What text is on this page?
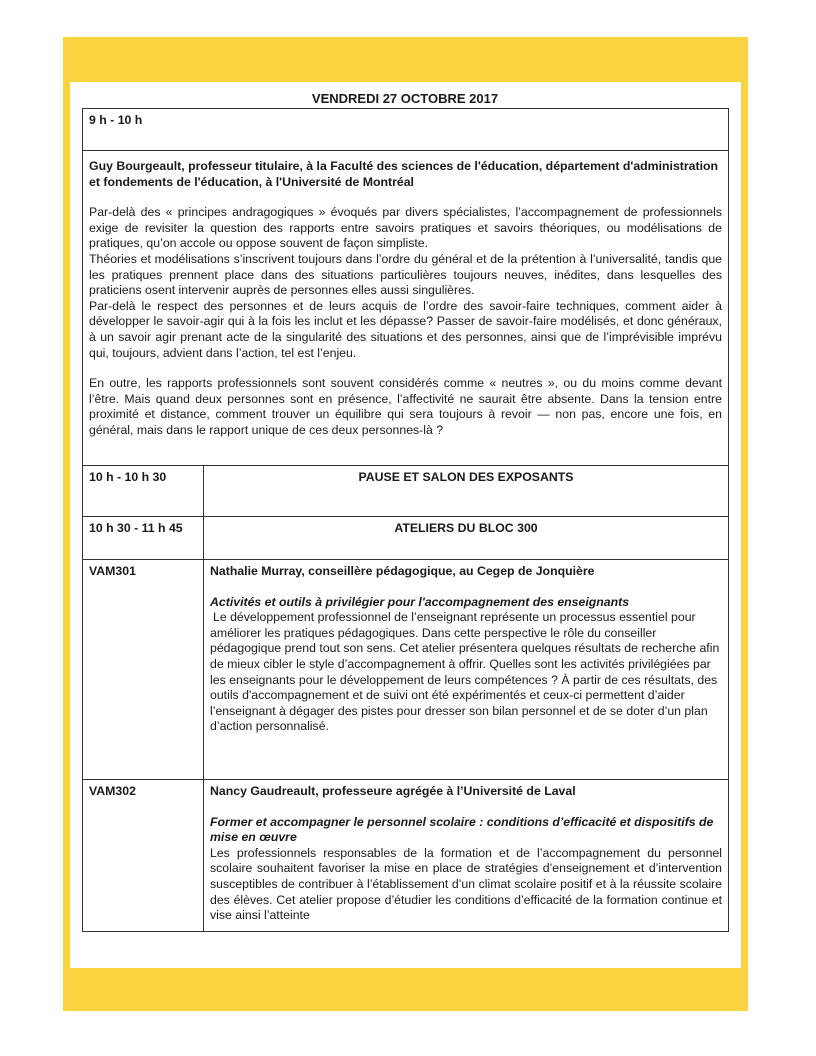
VENDREDI 27 OCTOBRE 2017
9 h - 10 h	

Guy Bourgeault, professeur titulaire, à la Faculté des sciences de l'éducation, département d'administration et fondements de l'éducation, à l'Université de Montréal

Par-delà des « principes andragogiques » évoqués par divers spécialistes, l’accompagnement de professionnels exige de revisiter la question des rapports entre savoirs pratiques et savoirs théoriques, ou modélisations de pratiques, qu’on accole ou oppose souvent de façon simpliste.

Théories et modélisations s’inscrivent toujours dans l’ordre du général et de la prétention à l’universalité, tandis que les pratiques prennent place dans des situations particulières toujours neuves, inédites, dans lesquelles des praticiens osent intervenir auprès de personnes elles aussi singulières.

Par-delà le respect des personnes et de leurs acquis de l’ordre des savoir-faire techniques, comment aider à développer le savoir-agir qui à la fois les inclut et les dépasse? Passer de savoir-faire modélisés, et donc généraux, à un savoir agir prenant acte de la singularité des situations et des personnes, ainsi que de l’imprévisible imprévu qui, toujours, advient dans l’action, tel est l’enjeu.

En outre, les rapports professionnels sont souvent considérés comme « neutres », ou du moins comme devant l’être. Mais quand deux personnes sont en présence, l’affectivité ne saurait être absente. Dans la tension entre proximité et distance, comment trouver un équilibre qui sera toujours à revoir — non pas, encore une fois, en général, mais dans le rapport unique de ces deux personnes-là ?	

10 h - 10 h 30	PAUSE ET SALON DES EXPOSANTS
10 h 30 - 11 h 45	ATELIERS DU BLOC 300
VAM301	Nathalie Murray, conseillère pédagogique, au Cegep de Jonquière

Activités et outils à privilégier pour l'accompagnement des enseignants

Le développement professionnel de l’enseignant représente un processus essentiel pour améliorer les pratiques pédagogiques. Dans cette perspective le rôle du conseiller pédagogique prend tout son sens. Cet atelier présentera quelques résultats de recherche afin de mieux cibler le style d’accompagnement à offrir. Quelles sont les activités privilégiées par les enseignants pour le développement de leurs compétences ? À partir de ces résultats, des outils d'accompagnement et de suivi ont été expérimentés et ceux-ci permettent d’aider l’enseignant à dégager des pistes pour dresser son bilan personnel et de se doter d’un plan d’action personnalisé.

VAM302	Nancy Gaudreault, professeure agrégée à l’Université de Laval

Former et accompagner le personnel scolaire : conditions d’efficacité et dispositifs de mise en œuvre

Les professionnels responsables de la formation et de l’accompagnement du personnel scolaire souhaitent favoriser la mise en place de stratégies d’enseignement et d’intervention susceptibles de contribuer à l’établissement d’un climat scolaire positif et à la réussite scolaire des élèves. Cet atelier propose d’étudier les conditions d’efficacité de la formation continue et vise ainsi l’atteinte
